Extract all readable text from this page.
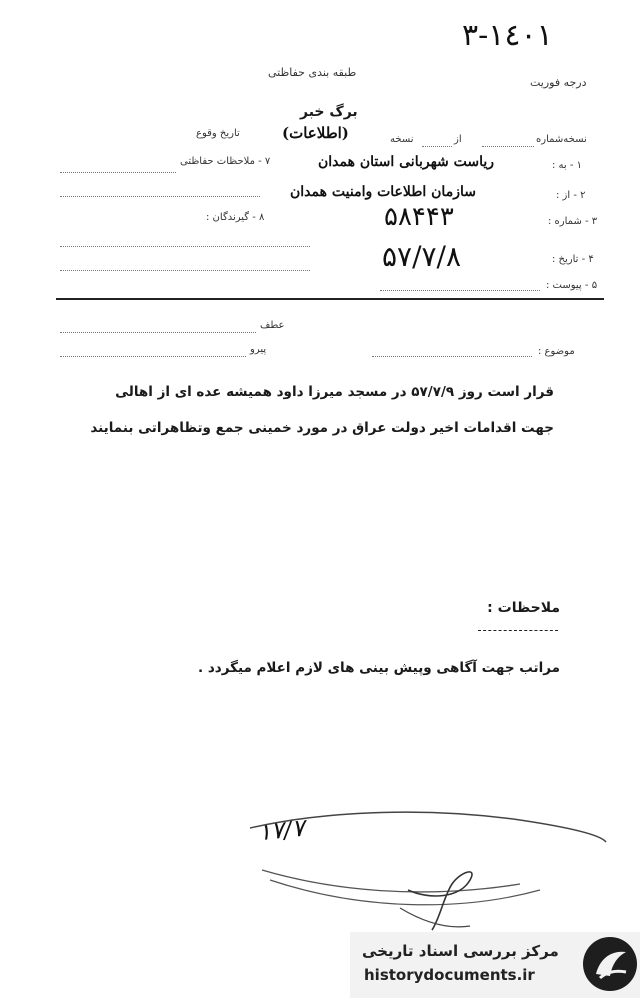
١٤٠١-٣
طبقه بندی حفاظتی
درجه فوریت
برگ خبر
(اطلاعات)	نسخه‌شماره
از
نسخه
تاریخ وقوع
۱ - به :
ریاست شهربانی استان همدان
۷ - ملاحظات حفاظتی
۲ - از :
سازمان اطلاعات وامنیت همدان
۳ - شماره :
۵۸۴۴۳
۸ - گیرندگان :
۴ - تاریخ :
۵۷/۷/۸
۵ - پیوست :
عطف
پیرو	موضوع :
قرار است روز ۵۷/۷/۹ در مسجد میرزا داود همیشه عده ای از اهالی
جهت اقدامات اخیر دولت عراق در مورد خمینی جمع وتظاهراتی بنمایند
ملاحظات :
مراتب جهت آگاهی وپیش بینی های لازم اعلام میگردد .
۱۷/۷
مرکز بررسی اسناد تاریخی
historydocuments.ir
